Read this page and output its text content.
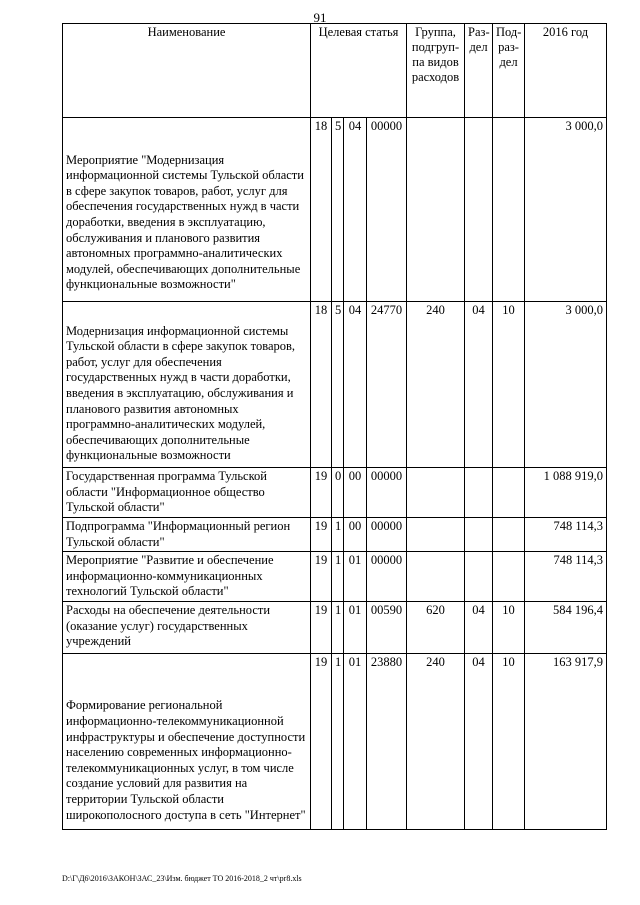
91
Наименование	Целевая статья				Группа, подгруп-па видов расходов	Раз-дел	Под-раз-дел	2016 год
Мероприятие "Модернизация информационной системы Тульской области в сфере закупок товаров, работ, услуг для обеспечения государственных нужд в части доработки, введения в эксплуатацию, обслуживания и планового развития автономных программно-аналитических модулей, обеспечивающих дополнительные функциональные возможности"	18	5	04	00000				3 000,0
Модернизация информационной системы Тульской области в сфере закупок товаров, работ, услуг для обеспечения государственных нужд в части доработки, введения в эксплуатацию, обслуживания и планового развития автономных программно-аналитических модулей, обеспечивающих дополнительные функциональные возможности	18	5	04	24770	240	04	10	3 000,0
Государственная программа Тульской области "Информационное общество Тульской области"	19	0	00	00000				1 088 919,0
Подпрограмма "Информационный регион Тульской области"	19	1	00	00000				748 114,3
Мероприятие "Развитие и обеспечение информационно-коммуникационных технологий Тульской области"	19	1	01	00000				748 114,3
Расходы на обеспечение деятельности (оказание услуг) государственных учреждений	19	1	01	00590	620	04	10	584 196,4
Формирование региональной информационно-телекоммуникационной инфраструктуры и обеспечение доступности населению современных информационно-телекоммуникационных услуг, в том числе создание условий для развития на территории Тульской области широкополосного доступа в сеть "Интернет"	19	1	01	23880	240	04	10	163 917,9
D:\Г\Д6\2016\ЗАКОН\ЗАС_23\Изм. бюджет ТО 2016-2018_2 чт\pr8.xls
